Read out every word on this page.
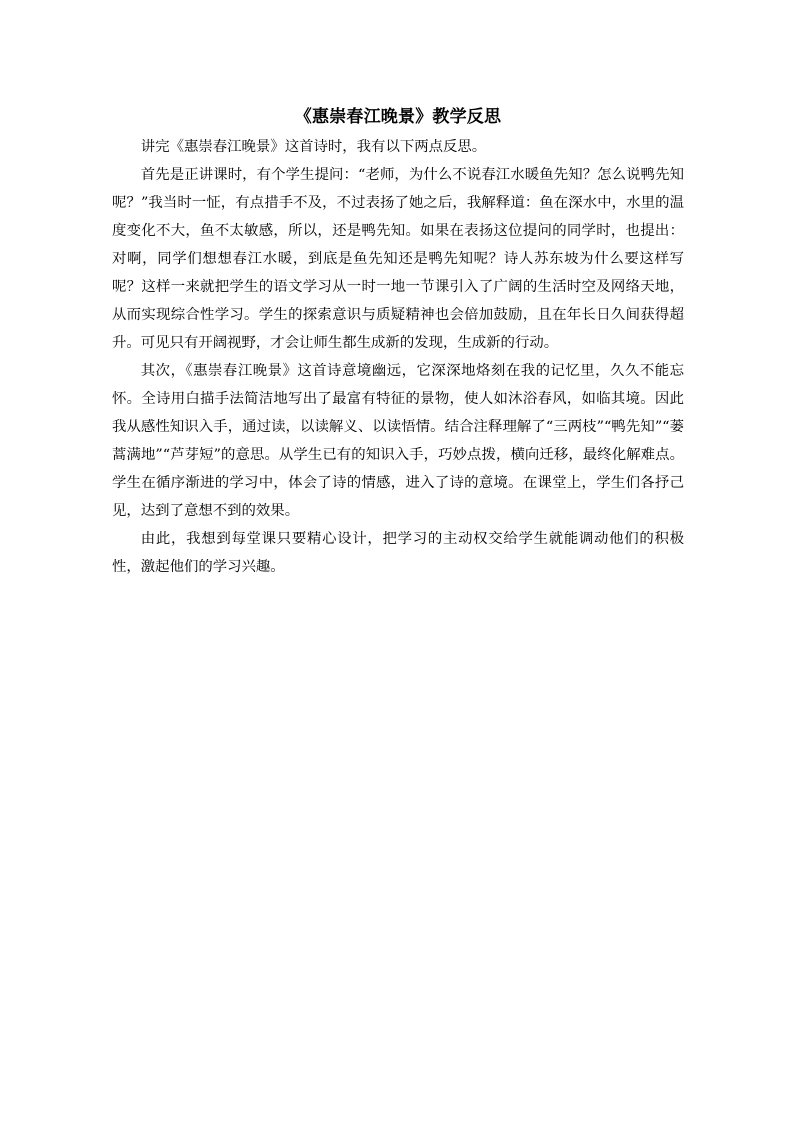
《惠崇春江晚景》教学反思

讲完《惠崇春江晚景》这首诗时，我有以下两点反思。

首先是正讲课时，有个学生提问：“老师，为什么不说春江水暖鱼先知？怎么说鸭先知呢？”我当时一怔，有点措手不及，不过表扬了她之后，我解释道：鱼在深水中，水里的温度变化不大，鱼不太敏感，所以，还是鸭先知。如果在表扬这位提问的同学时，也提出：对啊，同学们想想春江水暖，到底是鱼先知还是鸭先知呢？诗人苏东坡为什么要这样写呢？这样一来就把学生的语文学习从一时一地一节课引入了广阔的生活时空及网络天地，从而实现综合性学习。学生的探索意识与质疑精神也会倍加鼓励，且在年长日久间获得超升。可见只有开阔视野，才会让师生都生成新的发现，生成新的行动。

其次，《惠崇春江晚景》这首诗意境幽远，它深深地烙刻在我的记忆里，久久不能忘怀。全诗用白描手法简洁地写出了最富有特征的景物，使人如沐浴春风，如临其境。因此我从感性知识入手，通过读，以读解义、以读悟情。结合注释理解了“三两枝”“鸭先知”“蒌蒿满地”“芦芽短”的意思。从学生已有的知识入手，巧妙点拨，横向迁移，最终化解难点。学生在循序渐进的学习中，体会了诗的情感，进入了诗的意境。在课堂上，学生们各抒己见，达到了意想不到的效果。

由此，我想到每堂课只要精心设计，把学习的主动权交给学生就能调动他们的积极性，激起他们的学习兴趣。
